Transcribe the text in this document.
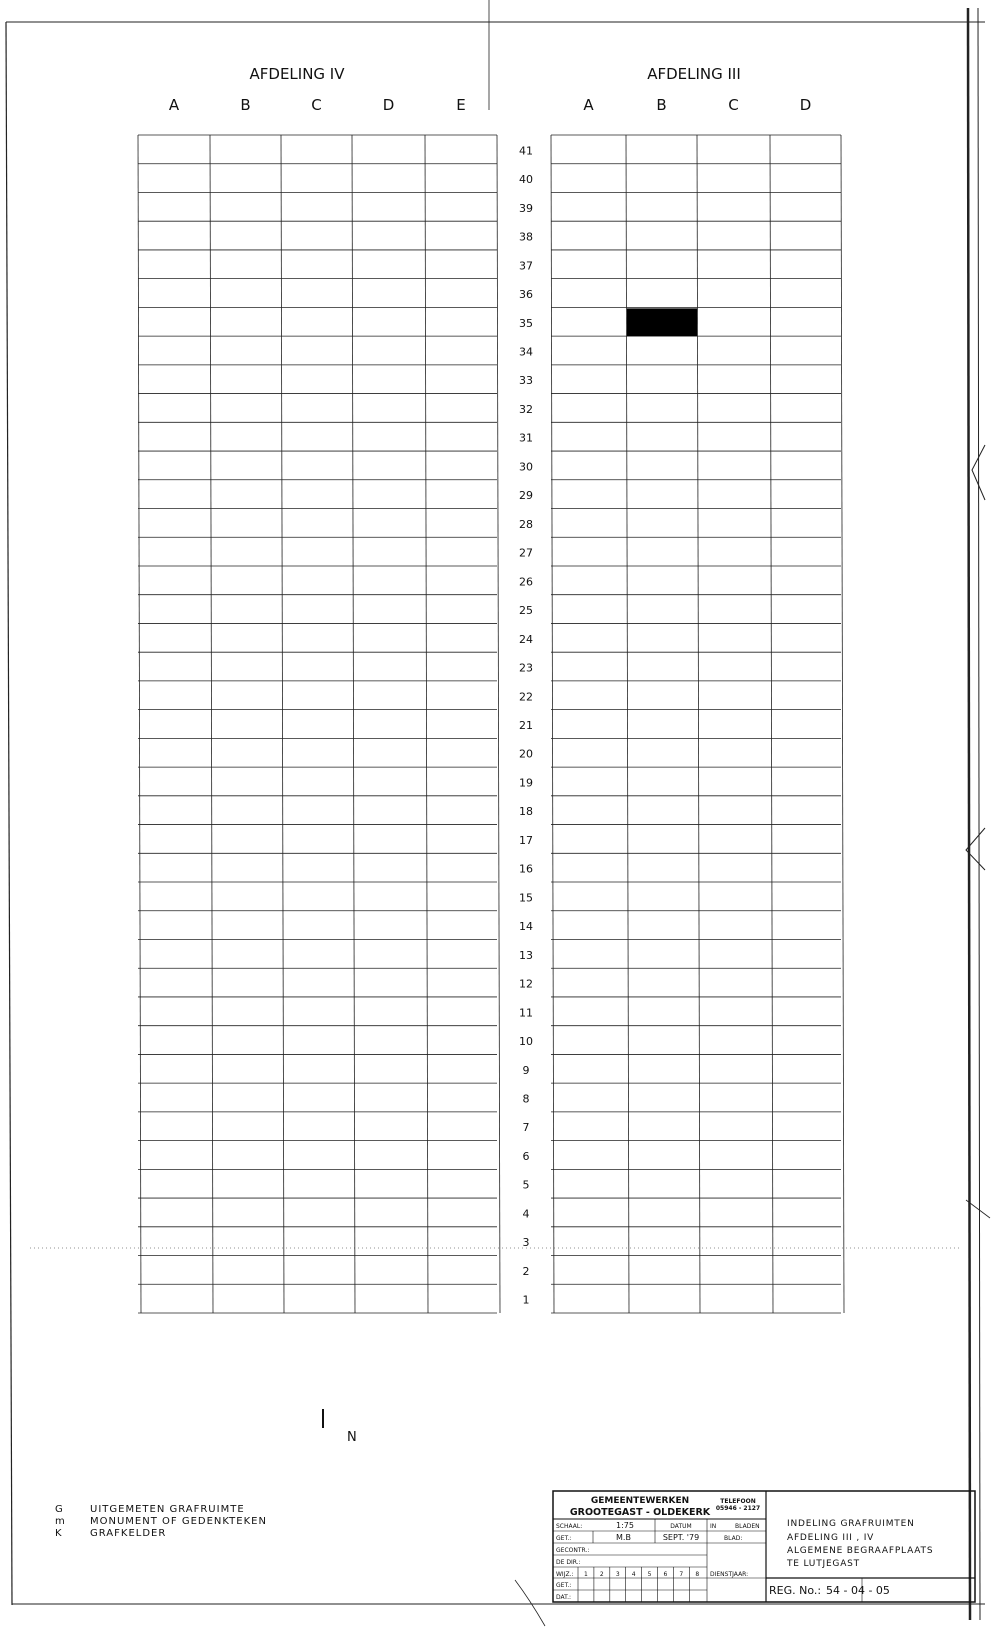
AFDELING IV	AFDELING III
A	B	C	D	E	A	B	C	D
41
40
39
38
37
36
35
34
33
32
31
30
29
28
27
26
25
24
23
22
21
20
19
18
17
16
15
14
13
12
11
10
9
8
7
6
5
4
3
2
1
N
G	UITGEMETEN GRAFRUIMTE
m	MONUMENT OF GEDENKTEKEN
K	GRAFKELDER
GEMEENTEWERKEN
GROOTEGAST - OLDEKERK
TELEFOON
05946 - 2127
SCHAAL:	1:75	DATUM	IN	BLADEN
GET.:	M.B	SEPT. '79	BLAD:
GECONTR.:
DE DIR.:
WIJZ.: 1 2 3 4 5 6 7 8 DIENSTJAAR:
GET.:
DAT.:
INDELING GRAFRUIMTEN
AFDELING III , IV
ALGEMENE BEGRAAFPLAATS
TE LUTJEGAST
REG. No.: 54 - 04 - 05
